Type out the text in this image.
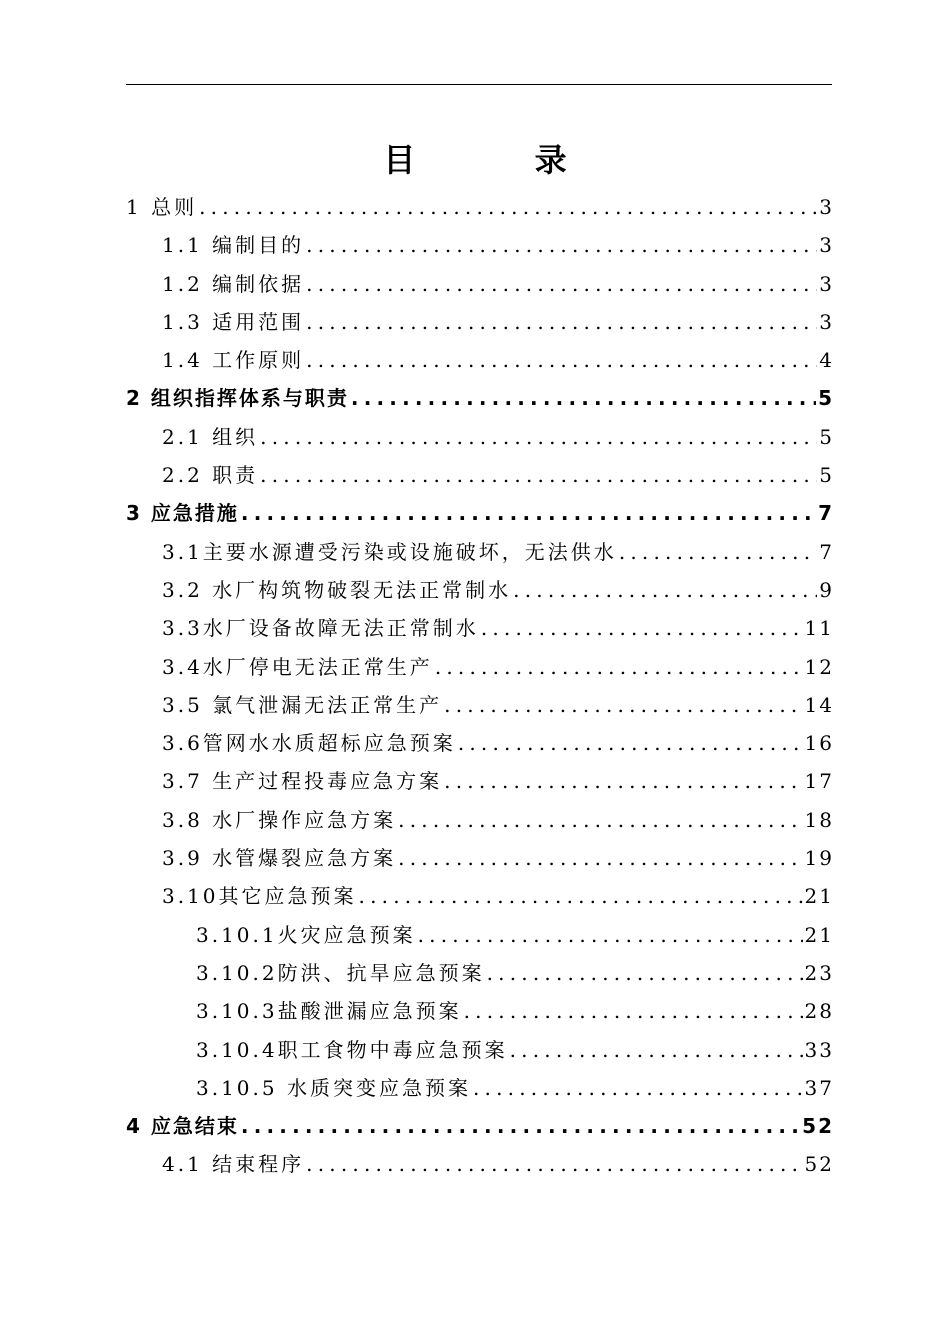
目 录
1 总则 .....	3
1.1 编制目的 .....	3
1.2 编制依据 .....	3
1.3 适用范围 .....	3
1.4 工作原则 .....	4
2 组织指挥体系与职责 .....	5
2.1 组织 .....	5
2.2 职责 .....	5
3 应急措施 .....	7
3.1主要水源遭受污染或设施破坏，无法供水 .....	7
3.2 水厂构筑物破裂无法正常制水 .....	9
3.3水厂设备故障无法正常制水 .....	11
3.4水厂停电无法正常生产 .....	12
3.5 氯气泄漏无法正常生产 .....	14
3.6管网水水质超标应急预案 .....	16
3.7 生产过程投毒应急方案 .....	17
3.8 水厂操作应急方案 .....	18
3.9 水管爆裂应急方案 .....	19
3.10其它应急预案 .....	21
3.10.1火灾应急预案 .....	21
3.10.2防洪、抗旱应急预案 .....	23
3.10.3盐酸泄漏应急预案 .....	28
3.10.4职工食物中毒应急预案 .....	33
3.10.5 水质突变应急预案 .....	37
4 应急结束 .....	52
4.1 结束程序 .....	52
